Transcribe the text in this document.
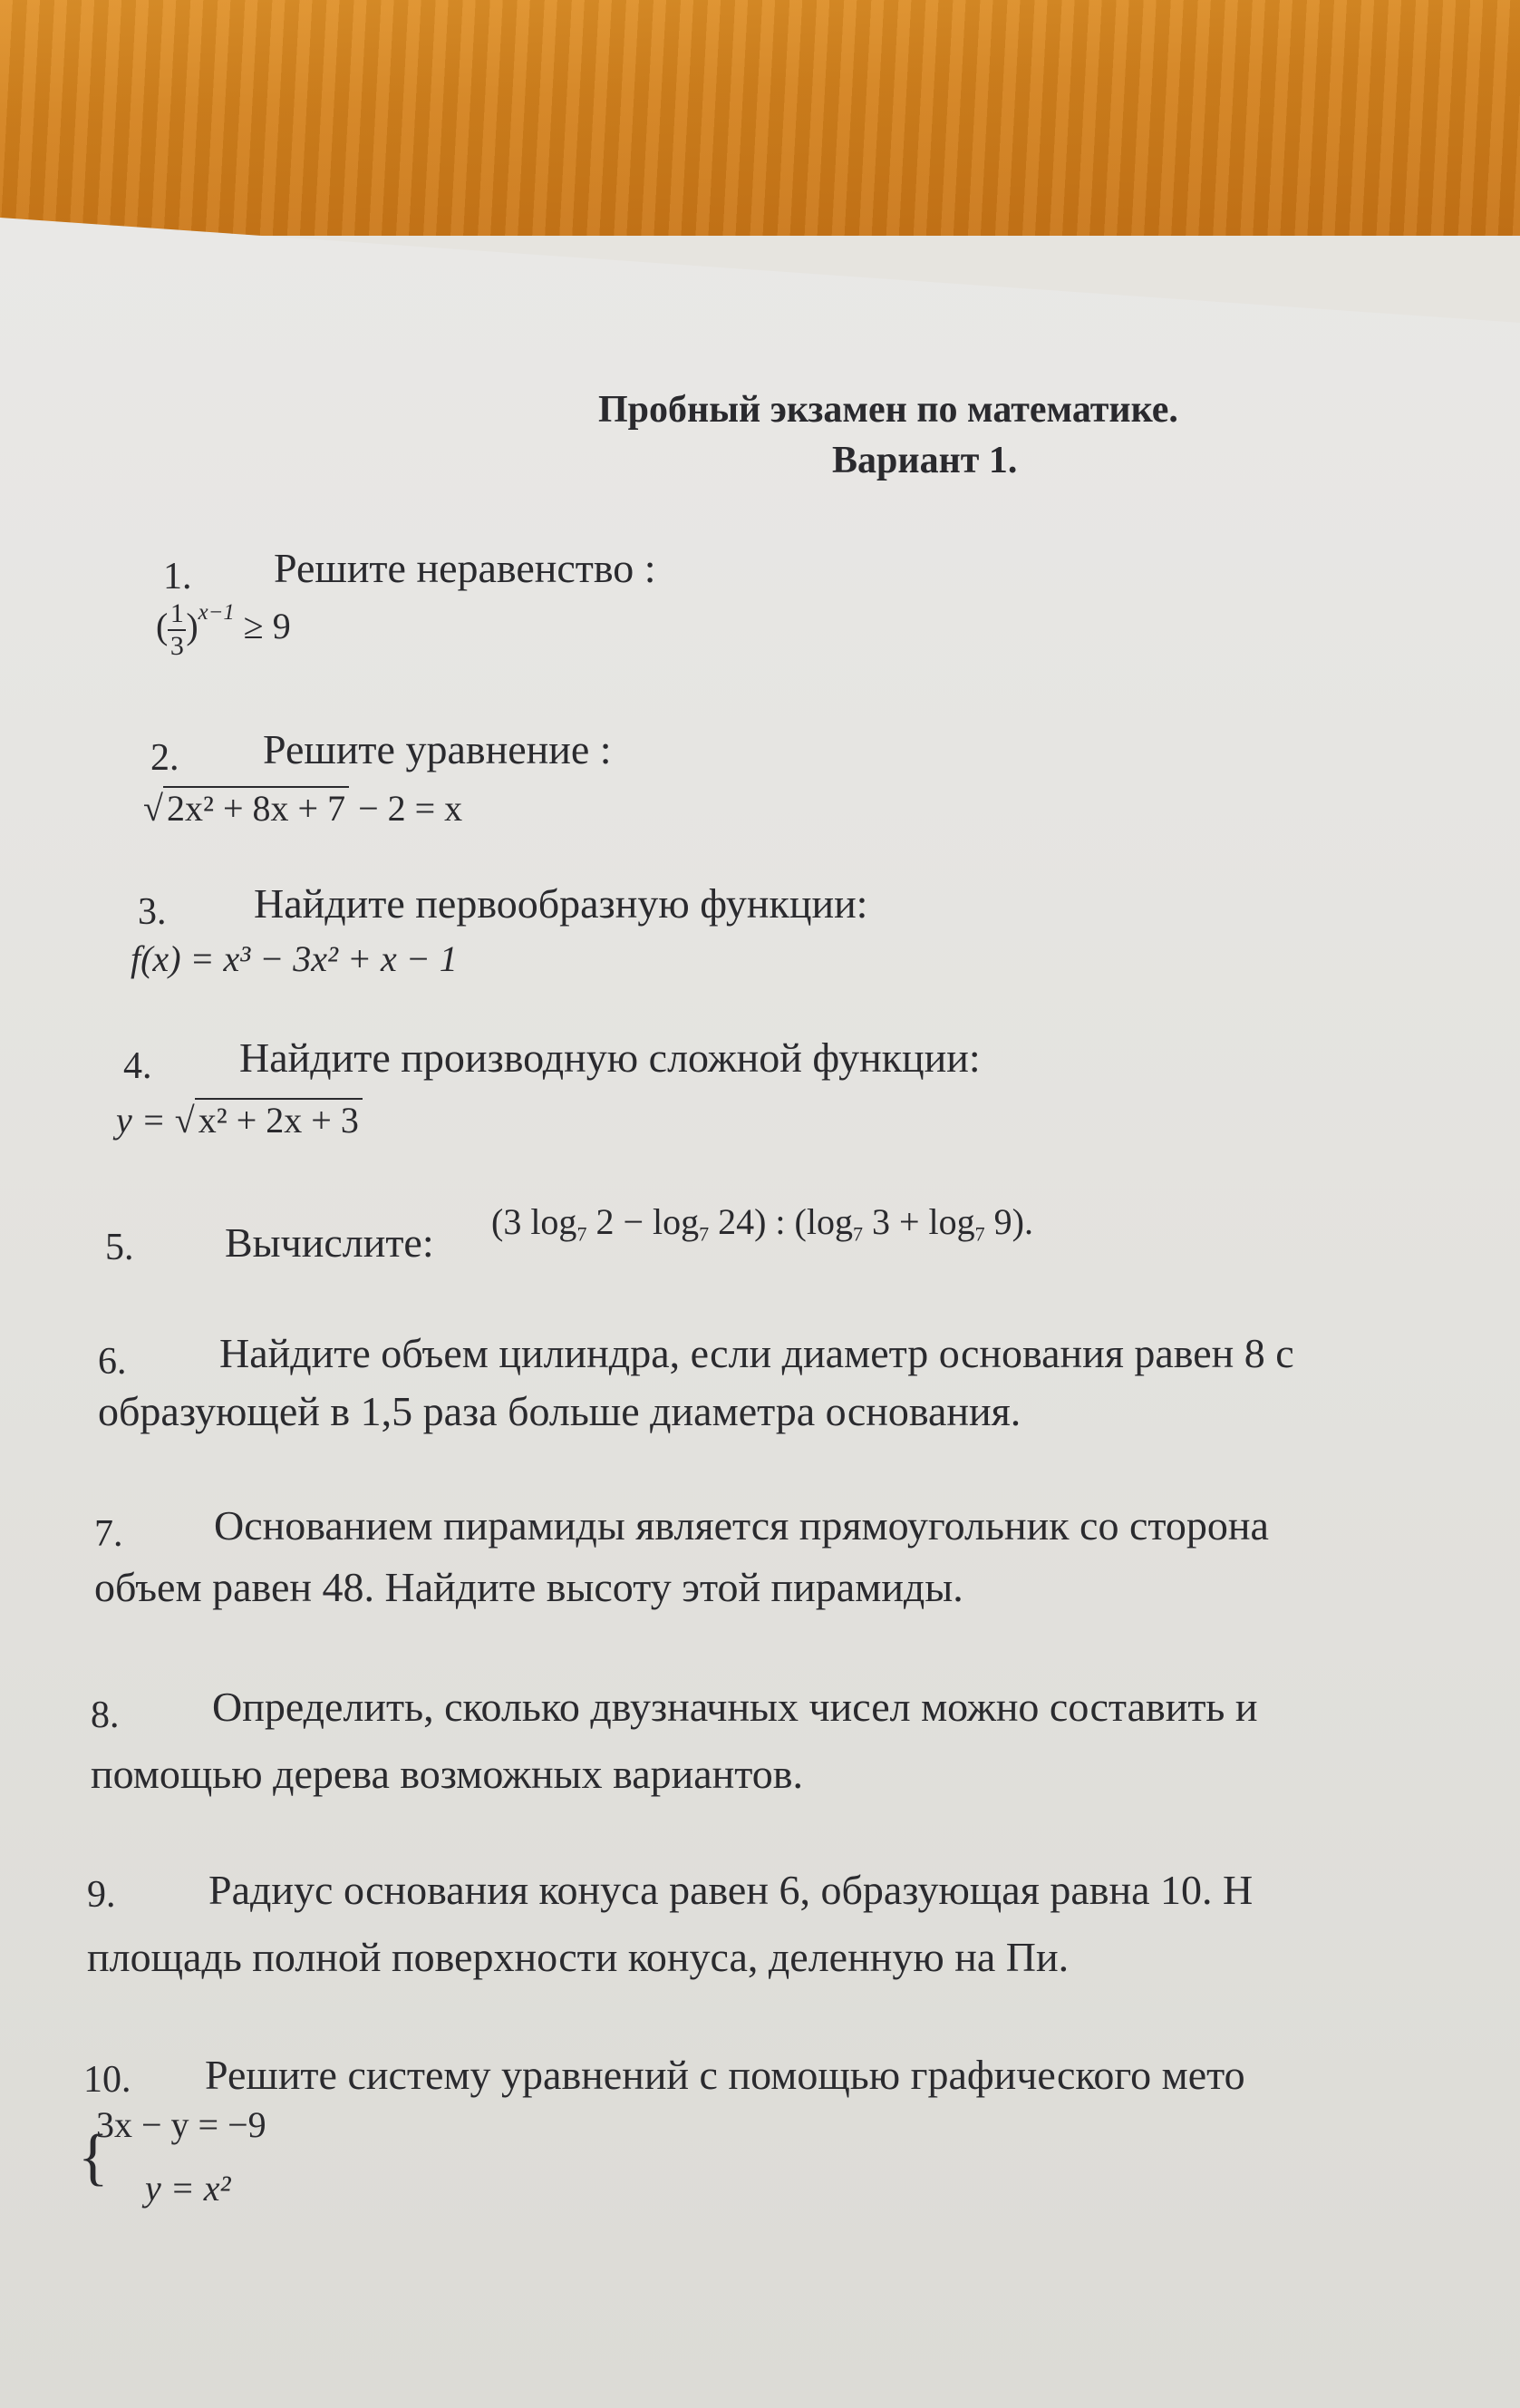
Пробный экзамен по математике.
Вариант 1.
1. Решите неравенство :
( $\frac{1}{3} )^{x-1} \ge 9$
2. Решите уравнение :
√ 2x² + 8x + 7 − 2 = x
3. Найдите первообразную функции:
f(x) = x³ − 3x² + x − 1
4. Найдите производную сложной функции:
y = √ x² + 2x + 3
5. Вычислите: (3 $\log_7 2 - \log_7 24$) : ($\log_7$ $3 + \log_7 9$).
6. Найдите объем цилиндра, если диаметр основания равен 8 с
образующей в 1,5 раза больше диаметра основания.
7. Основанием пирамиды является прямоугольник со сторона
объем равен 48. Найдите высоту этой пирамиды.
8. Определить, сколько двузначных чисел можно составить и
помощью дерева возможных вариантов.
9. Радиус основания конуса равен 6, образующая равна 10. Н
площадь полной поверхности конуса, деленную на Пи.
10. Решите систему уравнений с помощью графического мето
{
3x − y = −9
y = x²
